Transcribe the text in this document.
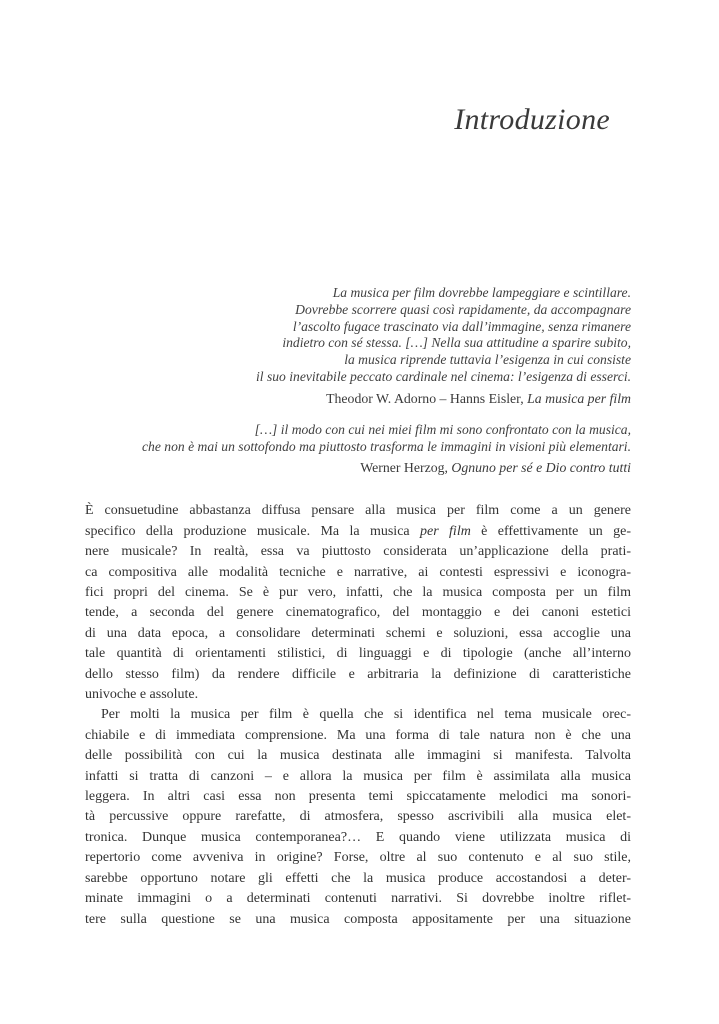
Introduzione
La musica per film dovrebbe lampeggiare e scintillare.
Dovrebbe scorrere quasi così rapidamente, da accompagnare
l’ascolto fugace trascinato via dall’immagine, senza rimanere
indietro con sé stessa. […] Nella sua attitudine a sparire subito,
la musica riprende tuttavia l’esigenza in cui consiste
il suo inevitabile peccato cardinale nel cinema: l’esigenza di esserci.
Theodor W. Adorno – Hanns Eisler, La musica per film
[…] il modo con cui nei miei film mi sono confrontato con la musica,
che non è mai un sottofondo ma piuttosto trasforma le immagini in visioni più elementari.
Werner Herzog, Ognuno per sé e Dio contro tutti
È consuetudine abbastanza diffusa pensare alla musica per film come a un genere
specifico della produzione musicale. Ma la musica per film è effettivamente un ge-
nere musicale? In realtà, essa va piuttosto considerata un’applicazione della prati-
ca compositiva alle modalità tecniche e narrative, ai contesti espressivi e iconogra-
fici propri del cinema. Se è pur vero, infatti, che la musica composta per un film
tende, a seconda del genere cinematografico, del montaggio e dei canoni estetici
di una data epoca, a consolidare determinati schemi e soluzioni, essa accoglie una
tale quantità di orientamenti stilistici, di linguaggi e di tipologie (anche all’interno
dello stesso film) da rendere difficile e arbitraria la definizione di caratteristiche
univoche e assolute.
Per molti la musica per film è quella che si identifica nel tema musicale orec-
chiabile e di immediata comprensione. Ma una forma di tale natura non è che una
delle possibilità con cui la musica destinata alle immagini si manifesta. Talvolta
infatti si tratta di canzoni – e allora la musica per film è assimilata alla musica
leggera. In altri casi essa non presenta temi spiccatamente melodici ma sonori-
tà percussive oppure rarefatte, di atmosfera, spesso ascrivibili alla musica elet-
tronica. Dunque musica contemporanea?… E quando viene utilizzata musica di
repertorio come avveniva in origine? Forse, oltre al suo contenuto e al suo stile,
sarebbe opportuno notare gli effetti che la musica produce accostandosi a deter-
minate immagini o a determinati contenuti narrativi. Si dovrebbe inoltre riflet-
tere sulla questione se una musica composta appositamente per una situazione
